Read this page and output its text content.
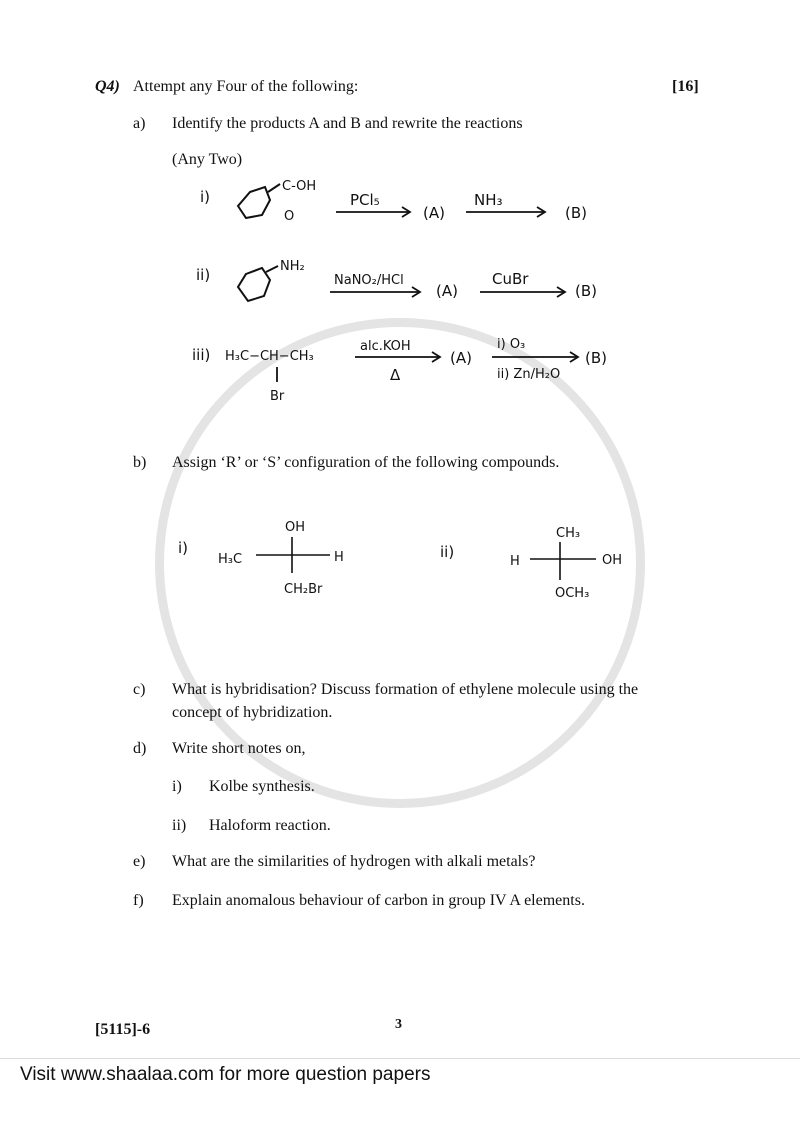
Q4) Attempt any Four of the following:	[16]
a) Identify the products A and B and rewrite the reactions
(Any Two)
i)
C-OH
O
PCl₅
(A)
NH₃
(B)
ii)	NH₂
NaNO₂/HCl
(A)
CuBr
(B)
iii) H₃C−CH−CH₃
Br
alc.KOH
Δ
(A)
i) O₃
ii) Zn/H₂O
(B)
b) Assign ‘R’ or ‘S’ configuration of the following compounds.
i)
OH
H₃C	H
CH₂Br
ii)
CH₃
H	OH
OCH₃
c) What is hybridisation? Discuss formation of ethylene molecule using the
concept of hybridization.
d) Write short notes on,
i) Kolbe synthesis.
ii) Haloform reaction.
e) What are the similarities of hydrogen with alkali metals?
f) Explain anomalous behaviour of carbon in group IV A elements.
[5115]-6	3
Visit www.shaalaa.com for more question papers
